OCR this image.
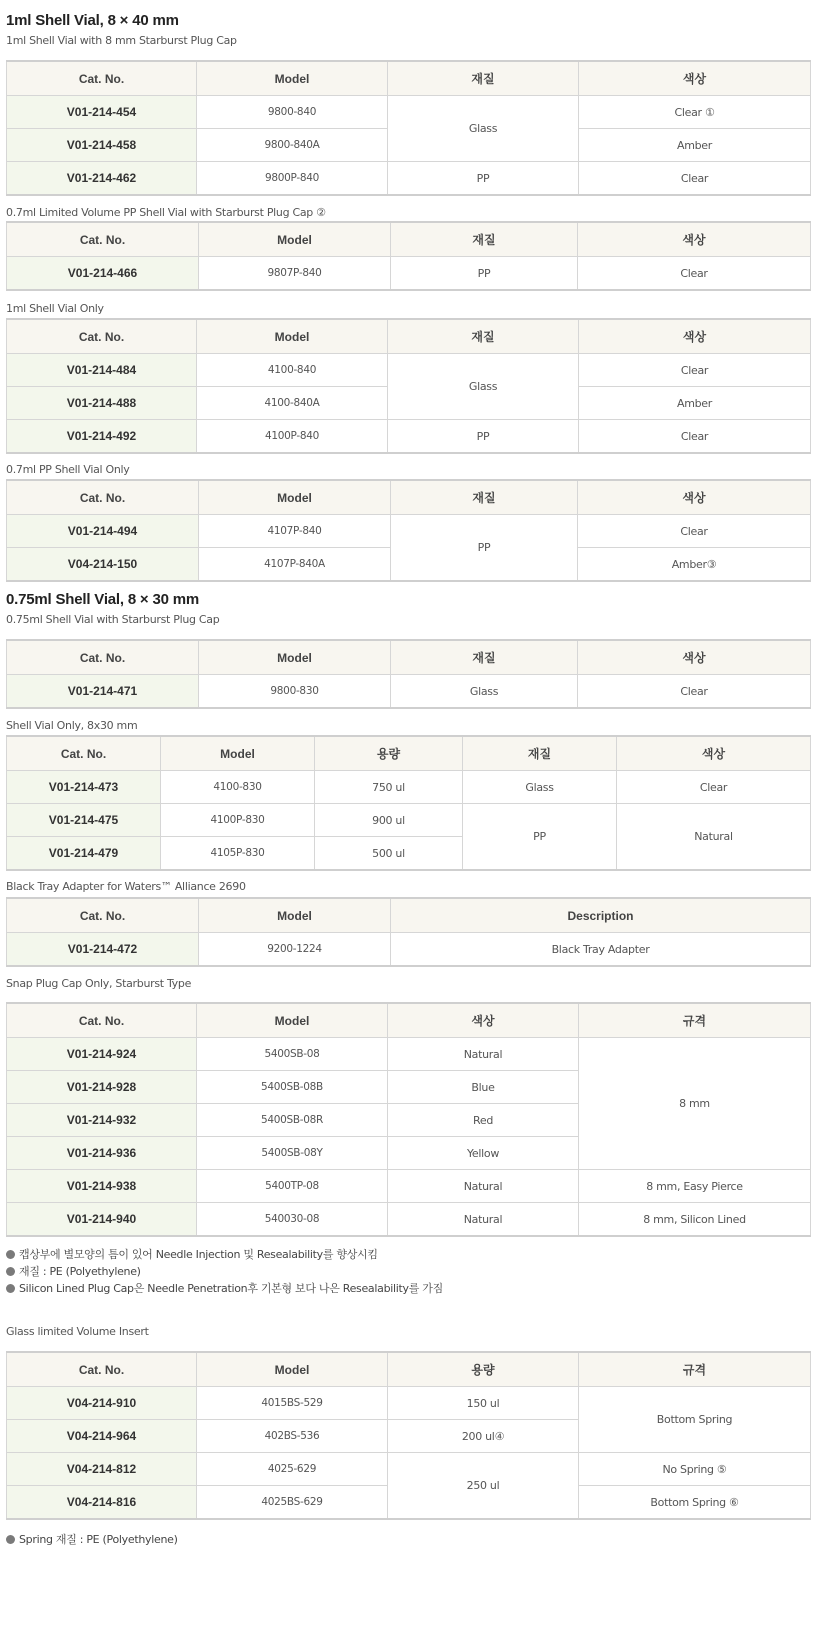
1ml Shell Vial, 8 × 40 mm
1ml Shell Vial with 8 mm Starburst Plug Cap
Cat. No.	Model	재질	색상
V01-214-454	9800-840	Glass	Clear ①
V01-214-458	9800-840A		Amber
V01-214-462	9800P-840	PP	Clear
0.7ml Limited Volume PP Shell Vial with Starburst Plug Cap ②
Cat. No.	Model	재질	색상
V01-214-466	9807P-840	PP	Clear
1ml Shell Vial Only
Cat. No.	Model	재질	색상
V01-214-484	4100-840	Glass	Clear
V01-214-488	4100-840A		Amber
V01-214-492	4100P-840	PP	Clear
0.7ml PP Shell Vial Only
Cat. No.	Model	재질	색상
V01-214-494	4107P-840	PP	Clear
V04-214-150	4107P-840A		Amber③
0.75ml Shell Vial, 8 × 30 mm
0.75ml Shell Vial with Starburst Plug Cap
Cat. No.	Model	재질	색상
V01-214-471	9800-830	Glass	Clear
Shell Vial Only, 8x30 mm
Cat. No.	Model	용량	재질	색상
V01-214-473	4100-830	750 ul	Glass	Clear
V01-214-475	4100P-830	900 ul	PP	Natural
V01-214-479	4105P-830	500 ul		
Black Tray Adapter for Waters™ Alliance 2690
Cat. No.	Model	Description
V01-214-472	9200-1224	Black Tray Adapter
Snap Plug Cap Only, Starburst Type
Cat. No.	Model	색상	규격
V01-214-924	5400SB-08	Natural	8 mm
V01-214-928	5400SB-08B	Blue	
V01-214-932	5400SB-08R	Red	
V01-214-936	5400SB-08Y	Yellow	
V01-214-938	5400TP-08	Natural	8 mm, Easy Pierce
V01-214-940	540030-08	Natural	8 mm, Silicon Lined
캡상부에 별모양의 틈이 있어 Needle Injection 및 Resealability를 향상시킴
재질 : PE (Polyethylene)
Silicon Lined Plug Cap은 Needle Penetration후 기본형 보다 나은 Resealability를 가짐
Glass limited Volume Insert
Cat. No.	Model	용량	규격
V04-214-910	4015BS-529	150 ul	Bottom Spring
V04-214-964	402BS-536	200 ul④	
V04-214-812	4025-629	250 ul	No Spring ⑤
V04-214-816	4025BS-629		Bottom Spring ⑥
Spring 재질 : PE (Polyethylene)
